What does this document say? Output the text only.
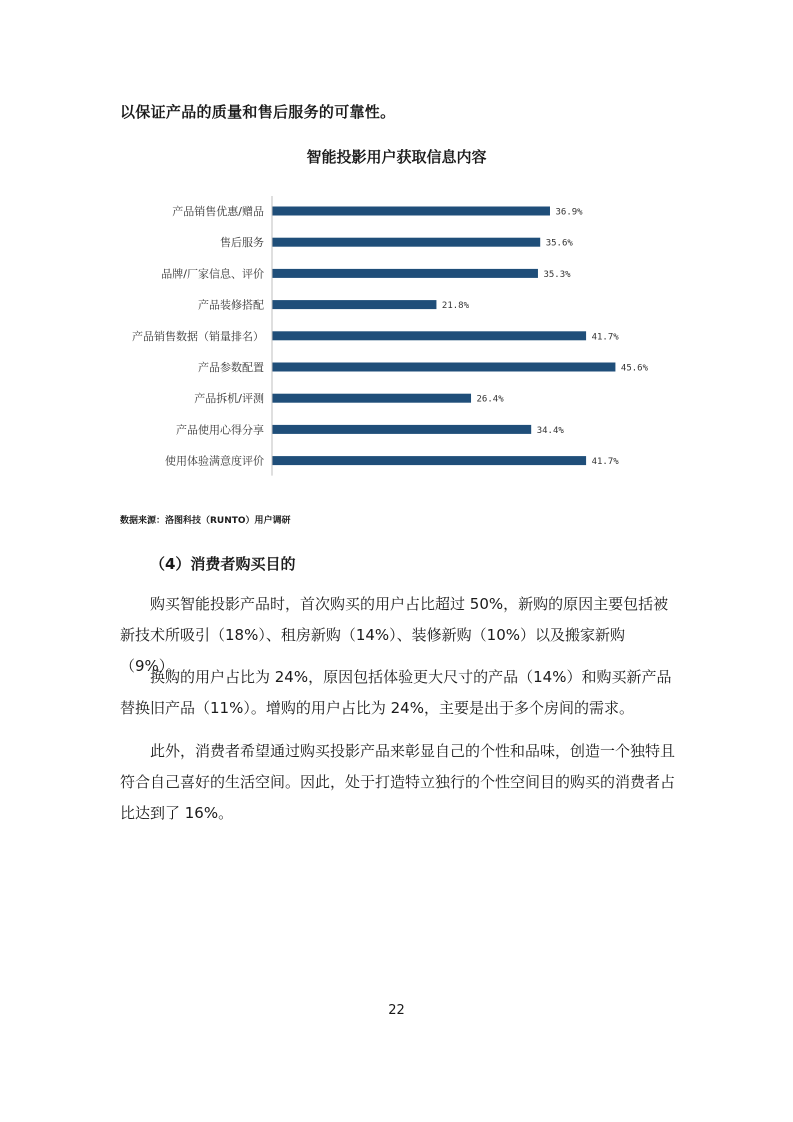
以保证产品的质量和售后服务的可靠性。
智能投影用户获取信息内容
产品销售优惠/赠品	36.9%
售后服务	35.6%
品牌/厂家信息、评价	35.3%
产品装修搭配	21.8%
产品销售数据（销量排名）	41.7%
产品参数配置	45.6%
产品拆机/评测	26.4%
产品使用心得分享	34.4%
使用体验满意度评价	41.7%
数据来源：洛图科技（RUNTO）用户调研
（4）消费者购买目的

购买智能投影产品时，首次购买的用户占比超过 50%，新购的原因主要包括被新技术所吸引（18%）、租房新购（14%）、装修新购（10%）以及搬家新购（9%）。

换购的用户占比为 24%，原因包括体验更大尺寸的产品（14%）和购买新产品替换旧产品（11%）。增购的用户占比为 24%，主要是出于多个房间的需求。

此外，消费者希望通过购买投影产品来彰显自己的个性和品味，创造一个独特且符合自己喜好的生活空间。因此，处于打造特立独行的个性空间目的购买的消费者占比达到了 16%。

22
